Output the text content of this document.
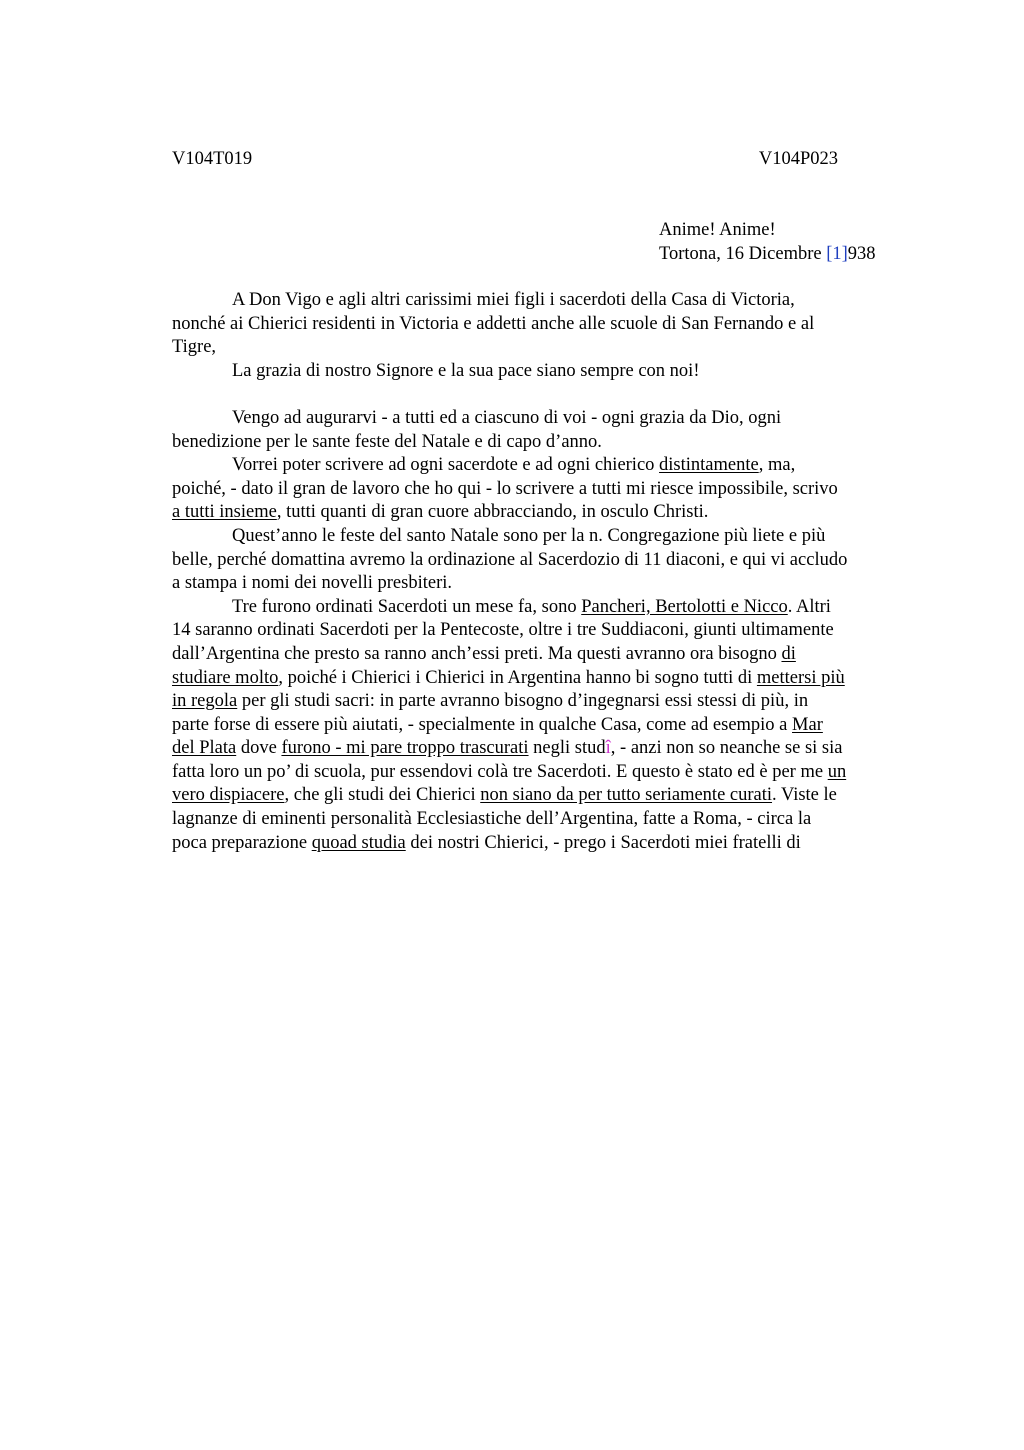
V104T019	V104P023
Anime! Anime!
Tortona, 16 Dicembre [1]938
A Don Vigo e agli altri carissimi miei figli i sacerdoti della Casa di Victoria,
nonché ai Chierici residenti in Victoria e addetti anche alle scuole di San Fernando e al
Tigre,
La grazia di nostro Signore e la sua pace siano sempre con noi!
Vengo ad augurarvi - a tutti ed a ciascuno di voi - ogni grazia da Dio, ogni
benedizione per le sante feste del Natale e di capo d’anno.
Vorrei poter scrivere ad ogni sacerdote e ad ogni chierico distintamente, ma,
poiché, - dato il gran de lavoro che ho qui - lo scrivere a tutti mi riesce impossibile, scrivo
a tutti insieme, tutti quanti di gran cuore abbracciando, in osculo Christi.
Quest’anno le feste del santo Natale sono per la n. Congregazione più liete e più
belle, perché domattina avremo la ordinazione al Sacerdozio di 11 diaconi, e qui vi accludo
a stampa i nomi dei novelli presbiteri.
Tre furono ordinati Sacerdoti un mese fa, sono Pancheri, Bertolotti e Nicco. Altri
14 saranno ordinati Sacerdoti per la Pentecoste, oltre i tre Suddiaconi, giunti ultimamente
dall’Argentina che presto sa ranno anch’essi preti. Ma questi avranno ora bisogno di
studiare molto, poiché i Chierici i Chierici in Argentina hanno bi sogno tutti di mettersi più
in regola per gli studi sacri: in parte avranno bisogno d’ingegnarsi essi stessi di più, in
parte forse di essere più aiutati, - specialmente in qualche Casa, come ad esempio a Mar
del Plata dove furono - mi pare troppo trascurati negli studî, - anzi non so neanche se si sia
fatta loro un po’ di scuola, pur essendovi colà tre Sacerdoti. E questo è stato ed è per me un
vero dispiacere, che gli studi dei Chierici non siano da per tutto seriamente curati. Viste le
lagnanze di eminenti personalità Ecclesiastiche dell’Argentina, fatte a Roma, - circa la
poca preparazione quoad studia dei nostri Chierici, - prego i Sacerdoti miei fratelli di
